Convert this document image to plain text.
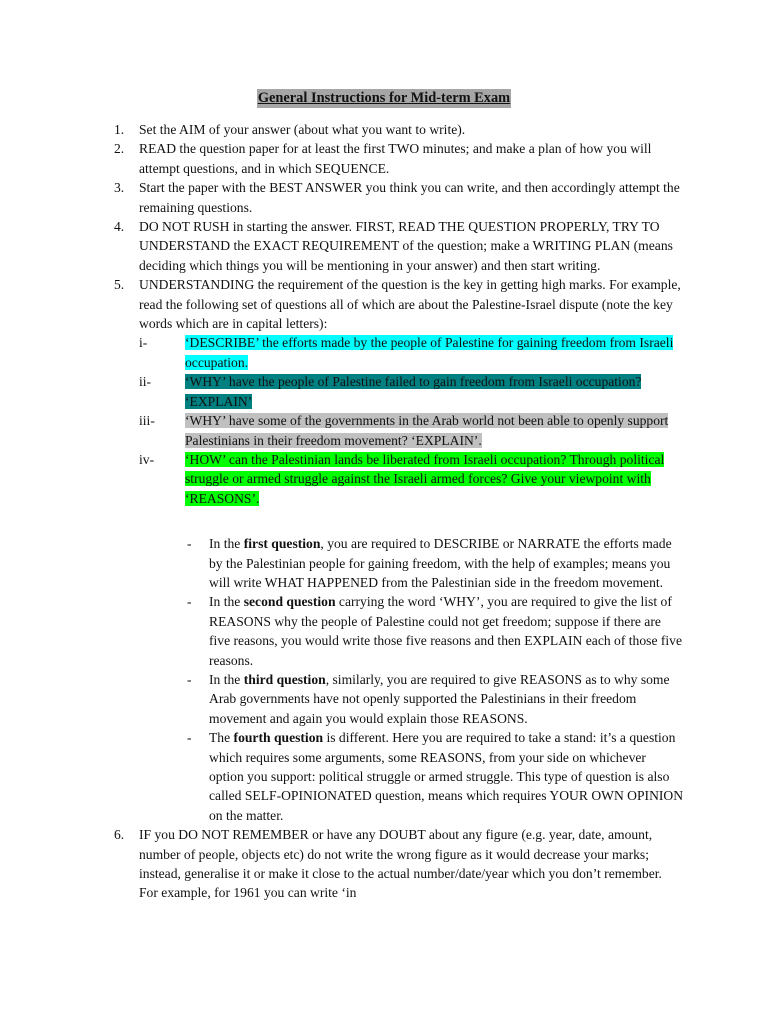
General Instructions for Mid-term Exam
1. Set the AIM of your answer (about what you want to write).
2. READ the question paper for at least the first TWO minutes; and make a plan of how you will attempt questions, and in which SEQUENCE.
3. Start the paper with the BEST ANSWER you think you can write, and then accordingly attempt the remaining questions.
4. DO NOT RUSH in starting the answer. FIRST, READ THE QUESTION PROPERLY, TRY TO UNDERSTAND the EXACT REQUIREMENT of the question; make a WRITING PLAN (means deciding which things you will be mentioning in your answer) and then start writing.
5. UNDERSTANDING the requirement of the question is the key in getting high marks. For example, read the following set of questions all of which are about the Palestine-Israel dispute (note the key words which are in capital letters):
i-	‘DESCRIBE’ the efforts made by the people of Palestine for gaining freedom from Israeli occupation.
ii- ‘WHY’ have the people of Palestine failed to gain freedom from Israeli occupation? ‘EXPLAIN’
iii- ‘WHY’ have some of the governments in the Arab world not been able to openly support Palestinians in their freedom movement? ‘EXPLAIN’.
iv- ‘HOW’ can the Palestinian lands be liberated from Israeli occupation? Through political struggle or armed struggle against the Israeli armed forces? Give your viewpoint with ‘REASONS’.
- In the first question, you are required to DESCRIBE or NARRATE the efforts made by the Palestinian people for gaining freedom, with the help of examples; means you will write WHAT HAPPENED from the Palestinian side in the freedom movement.
- In the second question carrying the word ‘WHY’, you are required to give the list of REASONS why the people of Palestine could not get freedom; suppose if there are five reasons, you would write those five reasons and then EXPLAIN each of those five reasons.
- In the third question, similarly, you are required to give REASONS as to why some Arab governments have not openly supported the Palestinians in their freedom movement and again you would explain those REASONS.
- The fourth question is different. Here you are required to take a stand: it’s a question which requires some arguments, some REASONS, from your side on whichever option you support: political struggle or armed struggle. This type of question is also called SELF-OPINIONATED question, means which requires YOUR OWN OPINION on the matter.
6. IF you DO NOT REMEMBER or have any DOUBT about any figure (e.g. year, date, amount, number of people, objects etc) do not write the wrong figure as it would decrease your marks; instead, generalise it or make it close to the actual number/date/year which you don’t remember. For example, for 1961 you can write ‘in
